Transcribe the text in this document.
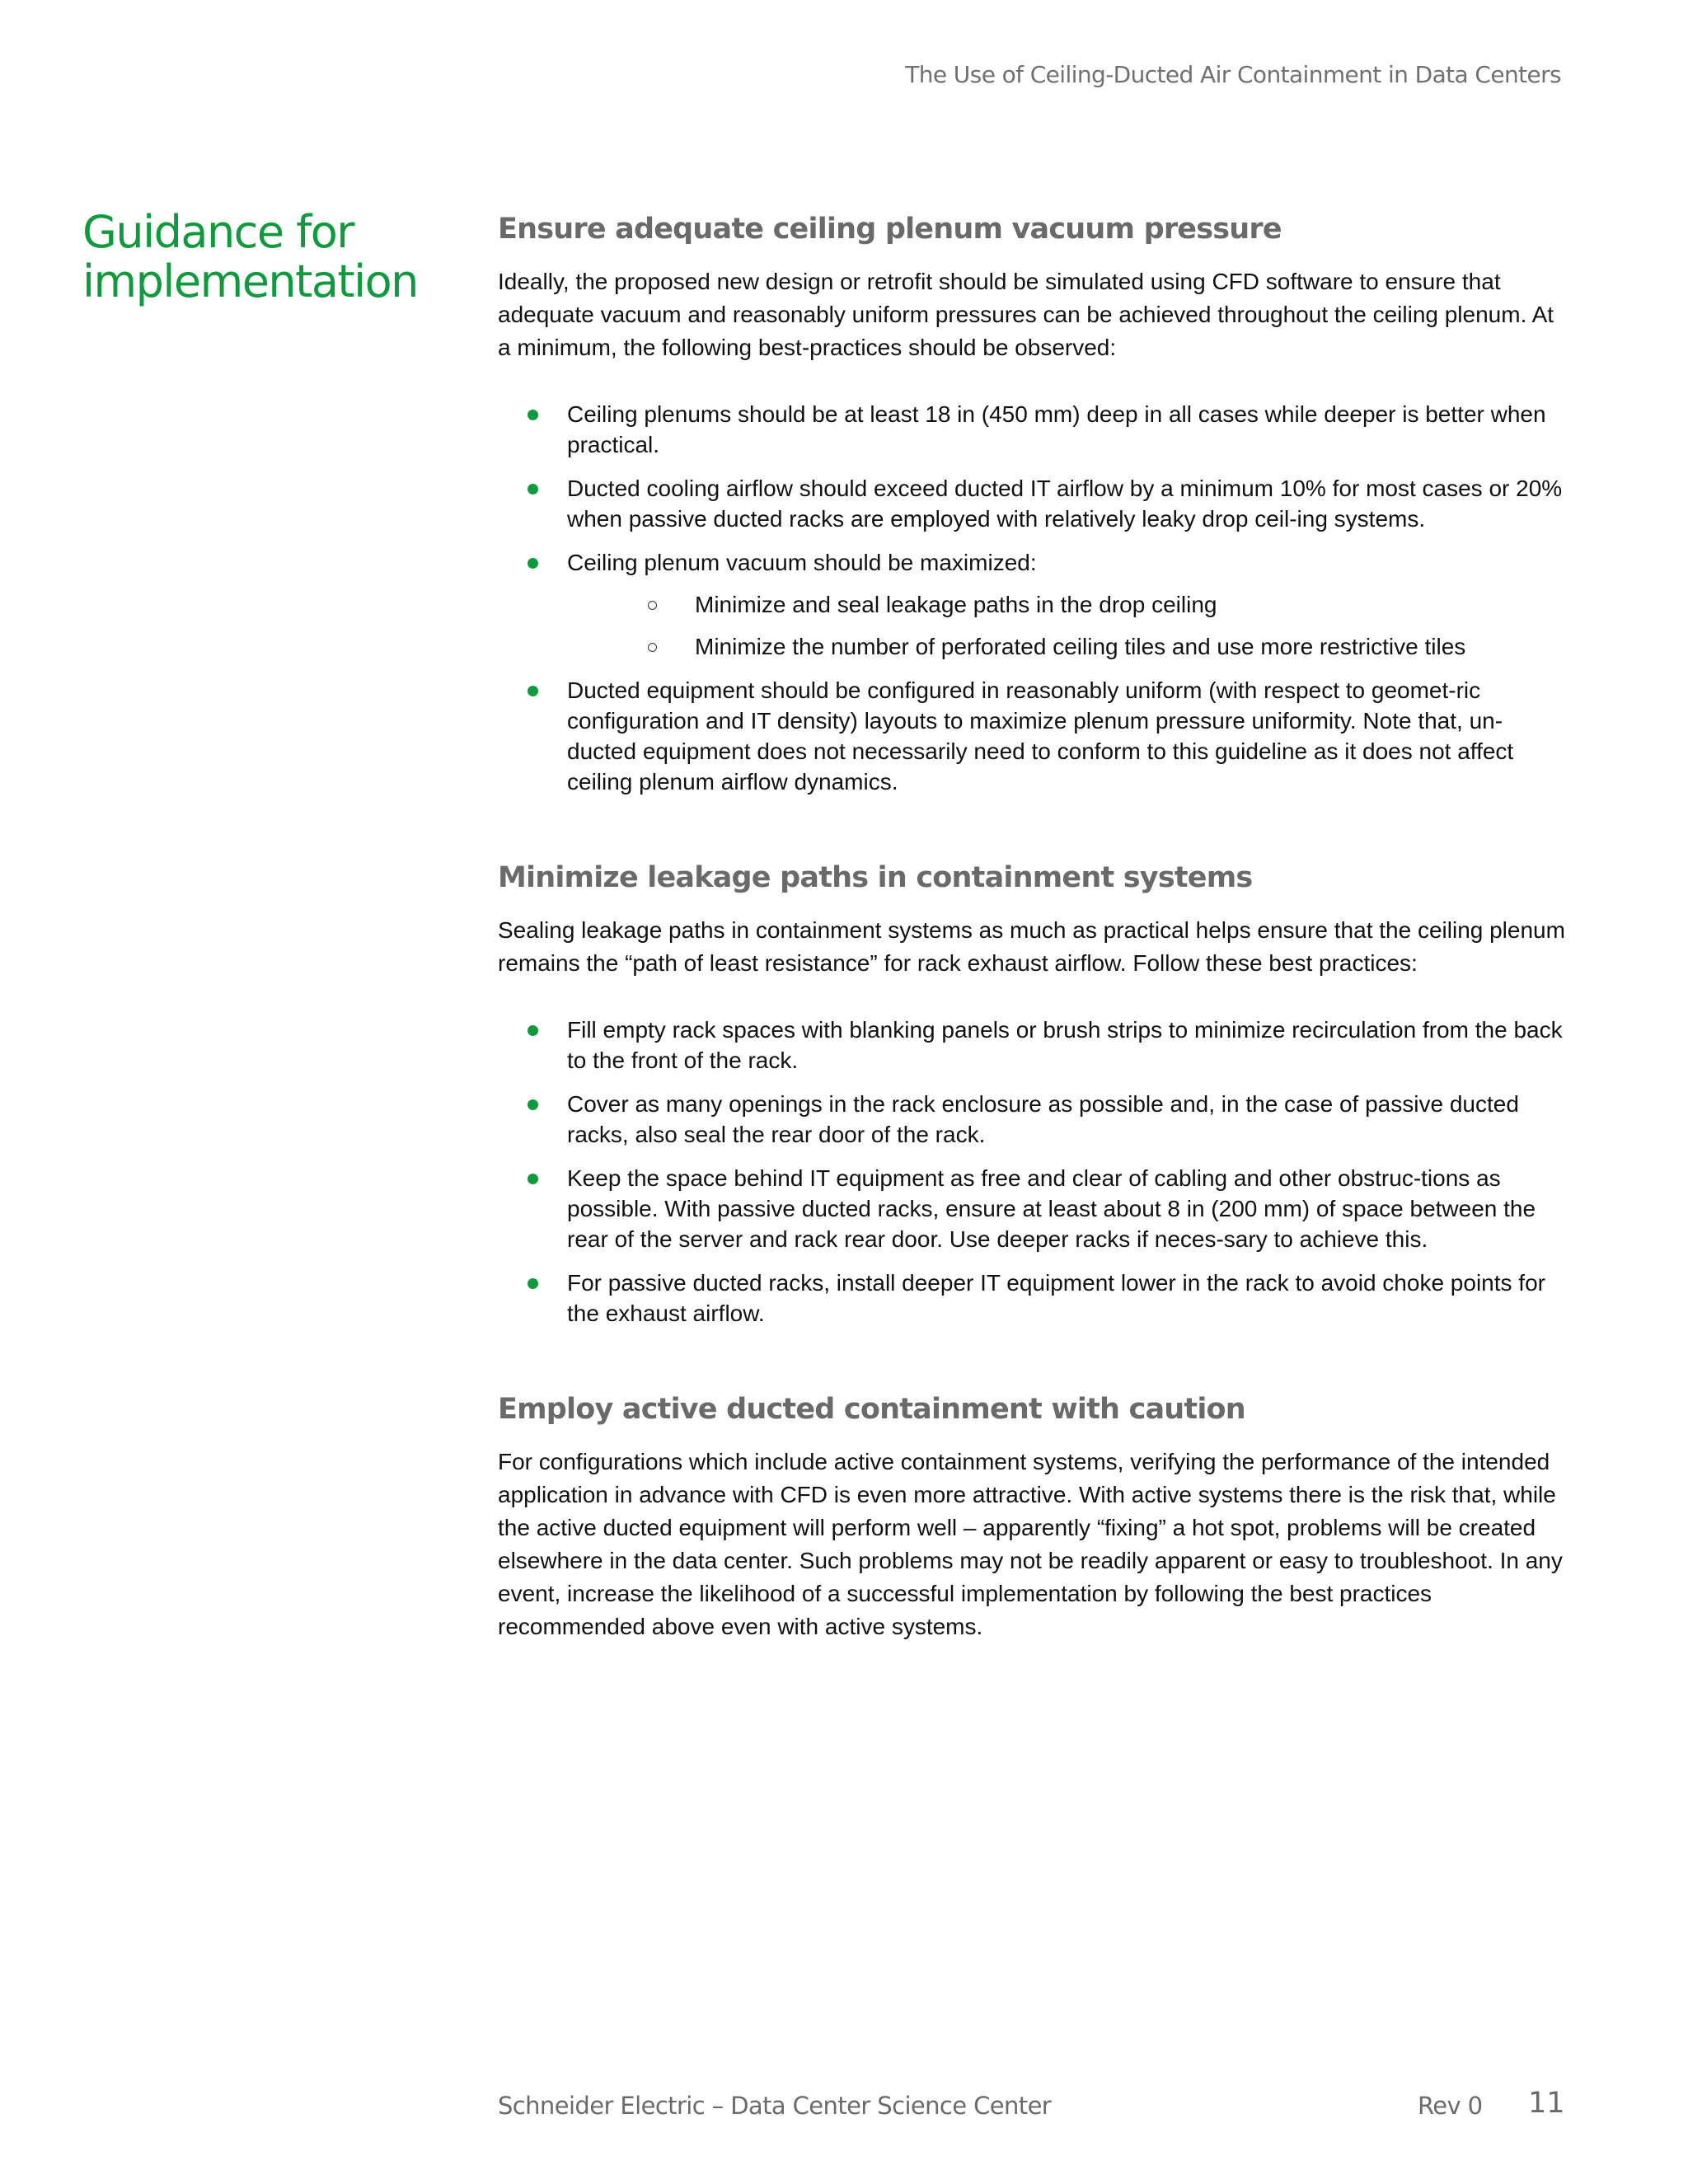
The Use of Ceiling-Ducted Air Containment in Data Centers
Guidance for implementation
Ensure adequate ceiling plenum vacuum pressure

Ideally, the proposed new design or retrofit should be simulated using CFD software to ensure that adequate vacuum and reasonably uniform pressures can be achieved throughout the ceiling plenum. At a minimum, the following best-practices should be observed:

Ceiling plenums should be at least 18 in (450 mm) deep in all cases while deeper is better when practical.
Ducted cooling airflow should exceed ducted IT airflow by a minimum 10% for most cases or 20% when passive ducted racks are employed with relatively leaky drop ceil-ing systems.
Ceiling plenum vacuum should be maximized:
Minimize and seal leakage paths in the drop ceiling
Minimize the number of perforated ceiling tiles and use more restrictive tiles
Ducted equipment should be configured in reasonably uniform (with respect to geomet-ric configuration and IT density) layouts to maximize plenum pressure uniformity. Note that, un-ducted equipment does not necessarily need to conform to this guideline as it does not affect ceiling plenum airflow dynamics.
Minimize leakage paths in containment systems

Sealing leakage paths in containment systems as much as practical helps ensure that the ceiling plenum remains the “path of least resistance” for rack exhaust airflow. Follow these best practices:

Fill empty rack spaces with blanking panels or brush strips to minimize recirculation from the back to the front of the rack.
Cover as many openings in the rack enclosure as possible and, in the case of passive ducted racks, also seal the rear door of the rack.
Keep the space behind IT equipment as free and clear of cabling and other obstruc-tions as possible. With passive ducted racks, ensure at least about 8 in (200 mm) of space between the rear of the server and rack rear door. Use deeper racks if neces-sary to achieve this.
For passive ducted racks, install deeper IT equipment lower in the rack to avoid choke points for the exhaust airflow.
Employ active ducted containment with caution

For configurations which include active containment systems, verifying the performance of the intended application in advance with CFD is even more attractive. With active systems there is the risk that, while the active ducted equipment will perform well – apparently “fixing” a hot spot, problems will be created elsewhere in the data center. Such problems may not be readily apparent or easy to troubleshoot. In any event, increase the likelihood of a successful implementation by following the best practices recommended above even with active systems.

Schneider Electric – Data Center Science Center	Rev 0 11
